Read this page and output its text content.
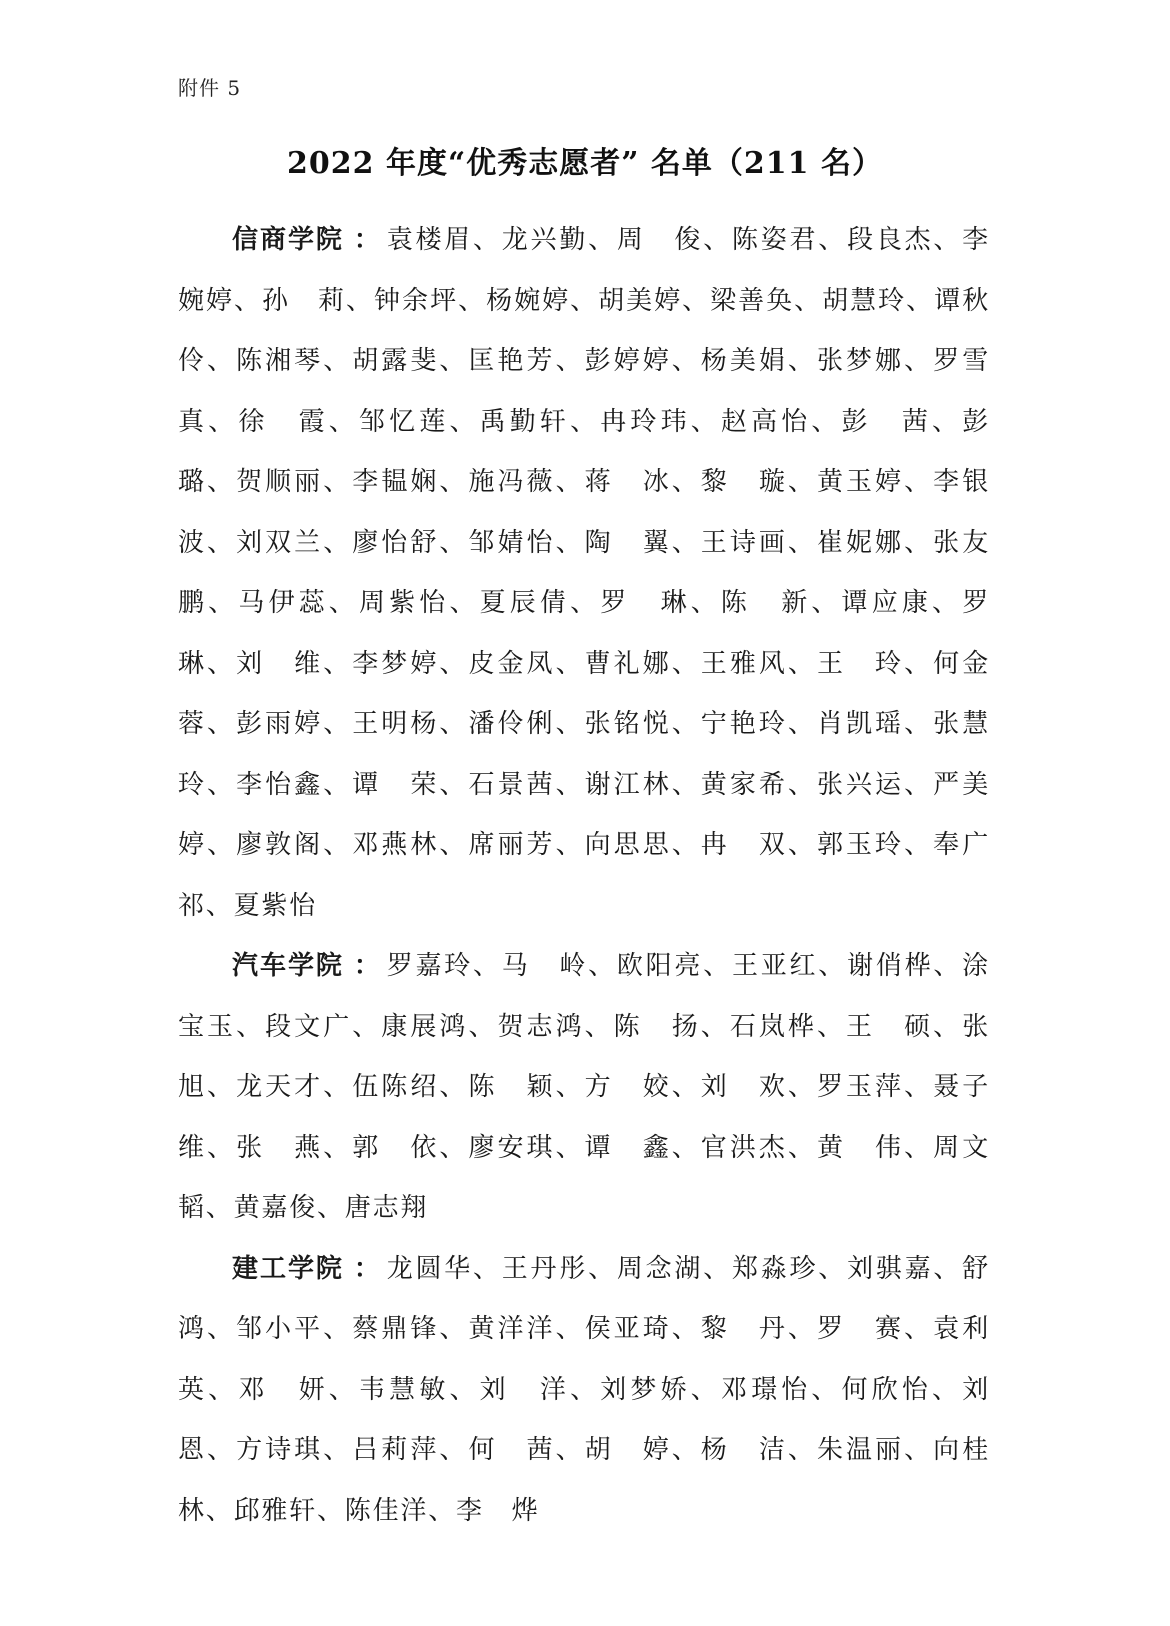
附件 5
2022 年度“优秀志愿者” 名单（211 名）

信商学院 ： 袁楼眉、龙兴勤、周　俊、陈姿君、段良杰、李婉婷、孙　莉、钟余坪、杨婉婷、胡美婷、梁善奂、胡慧玲、谭秋伶、陈湘琴、胡露斐、匡艳芳、彭婷婷、杨美娟、张梦娜、罗雪真、徐　霞、邹忆莲、禹勤轩、冉玲玮、赵高怡、彭　茜、彭　璐、贺顺丽、李韫娴、施冯薇、蒋　冰、黎　璇、黄玉婷、李银波、刘双兰、廖怡舒、邹婧怡、陶　翼、王诗画、崔妮娜、张友鹏、马伊蕊、周紫怡、夏辰倩、罗　琳、陈　新、谭应康、罗　琳、刘　维、李梦婷、皮金凤、曹礼娜、王雅风、王　玲、何金蓉、彭雨婷、王明杨、潘伶俐、张铭悦、宁艳玲、肖凯瑶、张慧玲、李怡鑫、谭　荣、石景茜、谢江林、黄家希、张兴运、严美婷、廖敦阁、邓燕林、席丽芳、向思思、冉　双、郭玉玲、奉广祁、夏紫怡

汽车学院 ： 罗嘉玲、马　岭、欧阳亮、王亚红、谢俏桦、涂宝玉、段文广、康展鸿、贺志鸿、陈　扬、石岚桦、王　硕、张　旭、龙天才、伍陈绍、陈　颖、方　姣、刘　欢、罗玉萍、聂子维、张　燕、郭　依、廖安琪、谭　鑫、官洪杰、黄　伟、周文韬、黄嘉俊、唐志翔

建工学院 ： 龙圆华、王丹彤、周念湖、郑淼珍、刘骐嘉、舒　鸿、邹小平、蔡鼎锋、黄洋洋、侯亚琦、黎　丹、罗　赛、袁利英、邓　妍、韦慧敏、刘　洋、刘梦娇、邓璟怡、何欣怡、刘　恩、方诗琪、吕莉萍、何　茜、胡　婷、杨　洁、朱温丽、向桂林、邱雅轩、陈佳洋、李　烨
